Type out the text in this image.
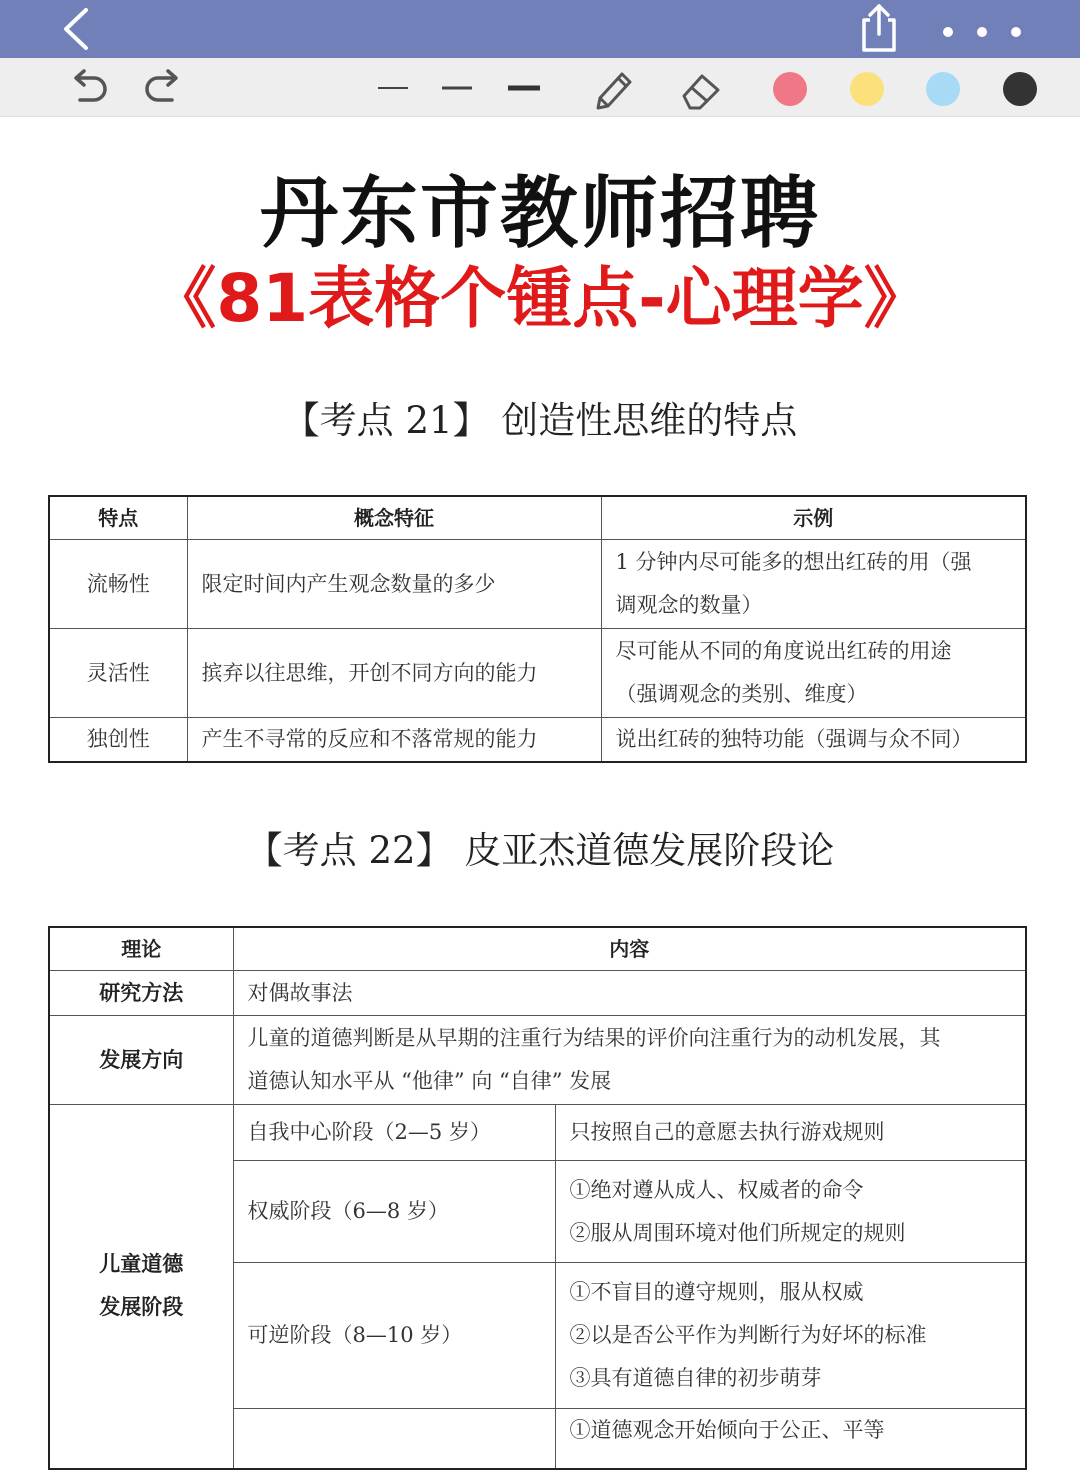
丹东市教师招聘
《81表格个锺点-心理学》
【考点 21】 创造性思维的特点
特点	概念特征	示例
流畅性	限定时间内产生观念数量的多少	1 分钟内尽可能多的想出红砖的用（强
调观念的数量）

灵活性	摈弃以往思维，开创不同方向的能力	尽可能从不同的角度说出红砖的用途
（强调观念的类别、维度）

独创性	产生不寻常的反应和不落常规的能力	说出红砖的独特功能（强调与众不同）
【考点 22】 皮亚杰道德发展阶段论
理论	内容	
研究方法	对偶故事法	
发展方向	儿童的道德判断是从早期的注重行为结果的评价向注重行为的动机发展，其
道德认知水平从 “他律” 向 “自律” 发展	

儿童道德
发展阶段	自我中心阶段（2—5 岁）	只按照自己的意愿去执行游戏规则

	权威阶段（6—8 岁）	①绝对遵从成人、权威者的命令
②服从周围环境对他们所规定的规则

	可逆阶段（8—10 岁）	①不盲目的遵守规则，服从权威
②以是否公平作为判断行为好坏的标准
③具有道德自律的初步萌芽

		①道德观念开始倾向于公正、平等
